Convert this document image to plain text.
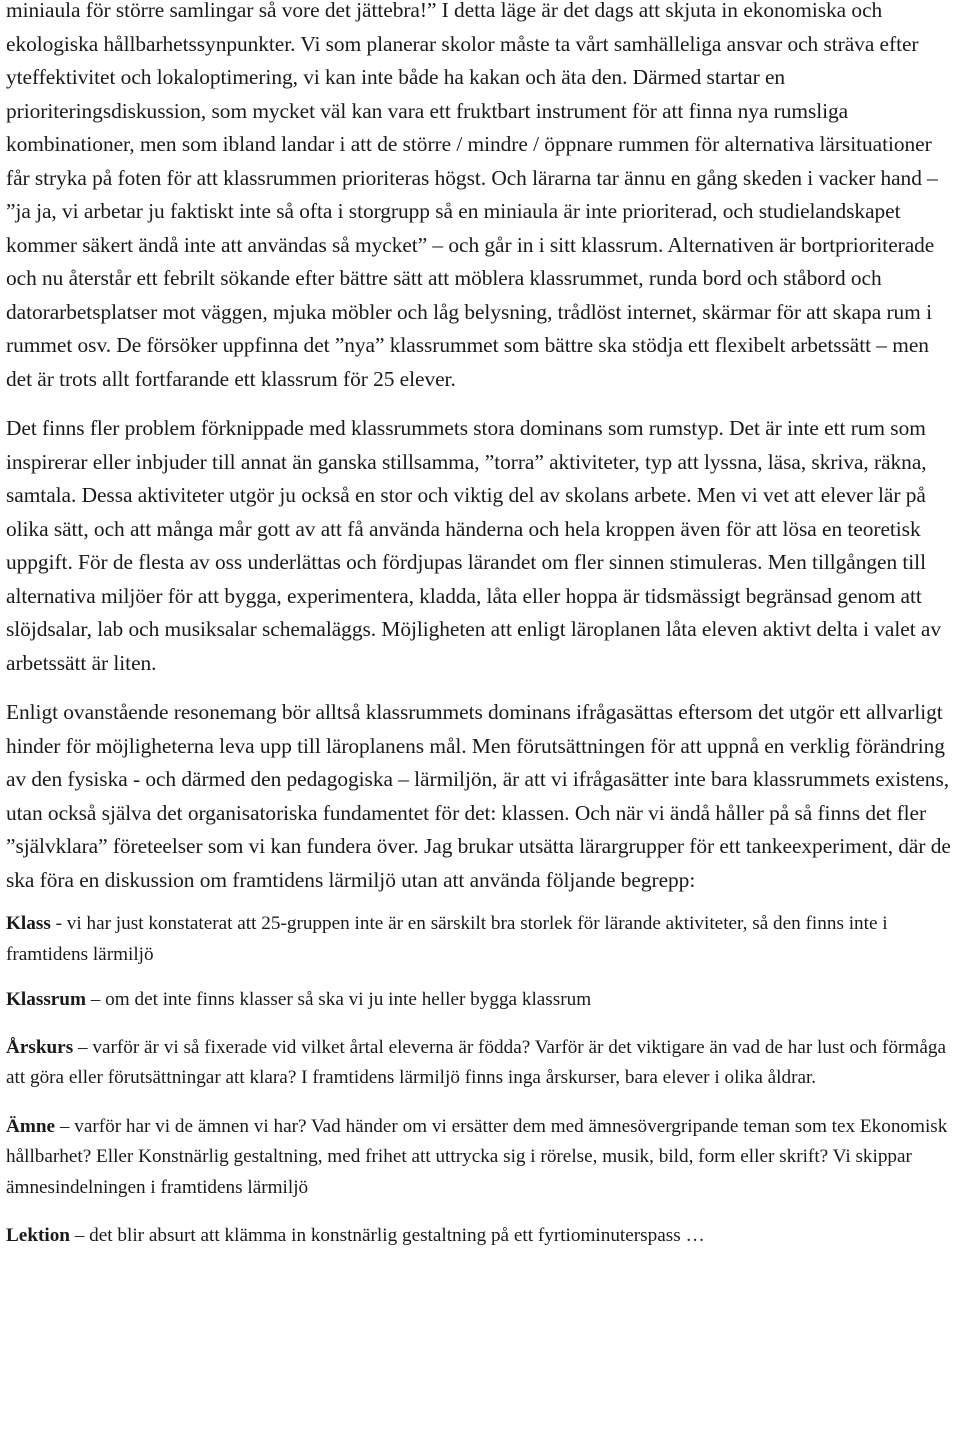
miniaula för större samlingar så vore det jättebra!” I detta läge är det dags att skjuta in ekonomiska och ekologiska hållbarhetssynpunkter. Vi som planerar skolor måste ta vårt samhälleliga ansvar och sträva efter yteffektivitet och lokaloptimering, vi kan inte både ha kakan och äta den. Därmed startar en prioriteringsdiskussion, som mycket väl kan vara ett fruktbart instrument för att finna nya rumsliga kombinationer, men som ibland landar i att de större / mindre / öppnare rummen för alternativa lärsituationer får stryka på foten för att klassrummen prioriteras högst. Och lärarna tar ännu en gång skeden i vacker hand – ”ja ja, vi arbetar ju faktiskt inte så ofta i storgrupp så en miniaula är inte prioriterad, och studielandskapet kommer säkert ändå inte att användas så mycket” – och går in i sitt klassrum. Alternativen är bortprioriterade och nu återstår ett febrilt sökande efter bättre sätt att möblera klassrummet, runda bord och ståbord och datorarbetsplatser mot väggen, mjuka möbler och låg belysning, trådlöst internet, skärmar för att skapa rum i rummet osv. De försöker uppfinna det ”nya” klassrummet som bättre ska stödja ett flexibelt arbetssätt – men det är trots allt fortfarande ett klassrum för 25 elever.

Det finns fler problem förknippade med klassrummets stora dominans som rumstyp. Det är inte ett rum som inspirerar eller inbjuder till annat än ganska stillsamma, ”torra” aktiviteter, typ att lyssna, läsa, skriva, räkna, samtala. Dessa aktiviteter utgör ju också en stor och viktig del av skolans arbete. Men vi vet att elever lär på olika sätt, och att många mår gott av att få använda händerna och hela kroppen även för att lösa en teoretisk uppgift. För de flesta av oss underlättas och fördjupas lärandet om fler sinnen stimuleras. Men tillgången till alternativa miljöer för att bygga, experimentera, kladda, låta eller hoppa är tidsmässigt begränsad genom att slöjdsalar, lab och musiksalar schemaläggs. Möjligheten att enligt läroplanen låta eleven aktivt delta i valet av arbetssätt är liten.

Enligt ovanstående resonemang bör alltså klassrummets dominans ifrågasättas eftersom det utgör ett allvarligt hinder för möjligheterna leva upp till läroplanens mål. Men förutsättningen för att uppnå en verklig förändring av den fysiska - och därmed den pedagogiska – lärmiljön, är att vi ifrågasätter inte bara klassrummets existens, utan också själva det organisatoriska fundamentet för det: klassen. Och när vi ändå håller på så finns det fler ”självklara” företeelser som vi kan fundera över. Jag brukar utsätta lärargrupper för ett tankeexperiment, där de ska föra en diskussion om framtidens lärmiljö utan att använda följande begrepp:

Klass - vi har just konstaterat att 25-gruppen inte är en särskilt bra storlek för lärande aktiviteter, så den finns inte i framtidens lärmiljö

Klassrum – om det inte finns klasser så ska vi ju inte heller bygga klassrum

Årskurs – varför är vi så fixerade vid vilket årtal eleverna är födda? Varför är det viktigare än vad de har lust och förmåga att göra eller förutsättningar att klara? I framtidens lärmiljö finns inga årskurser, bara elever i olika åldrar.

Ämne – varför har vi de ämnen vi har? Vad händer om vi ersätter dem med ämnesövergripande teman som tex Ekonomisk hållbarhet? Eller Konstnärlig gestaltning, med frihet att uttrycka sig i rörelse, musik, bild, form eller skrift? Vi skippar ämnesindelningen i framtidens lärmiljö

Lektion – det blir absurt att klämma in konstnärlig gestaltning på ett fyrtiominuterspass …
